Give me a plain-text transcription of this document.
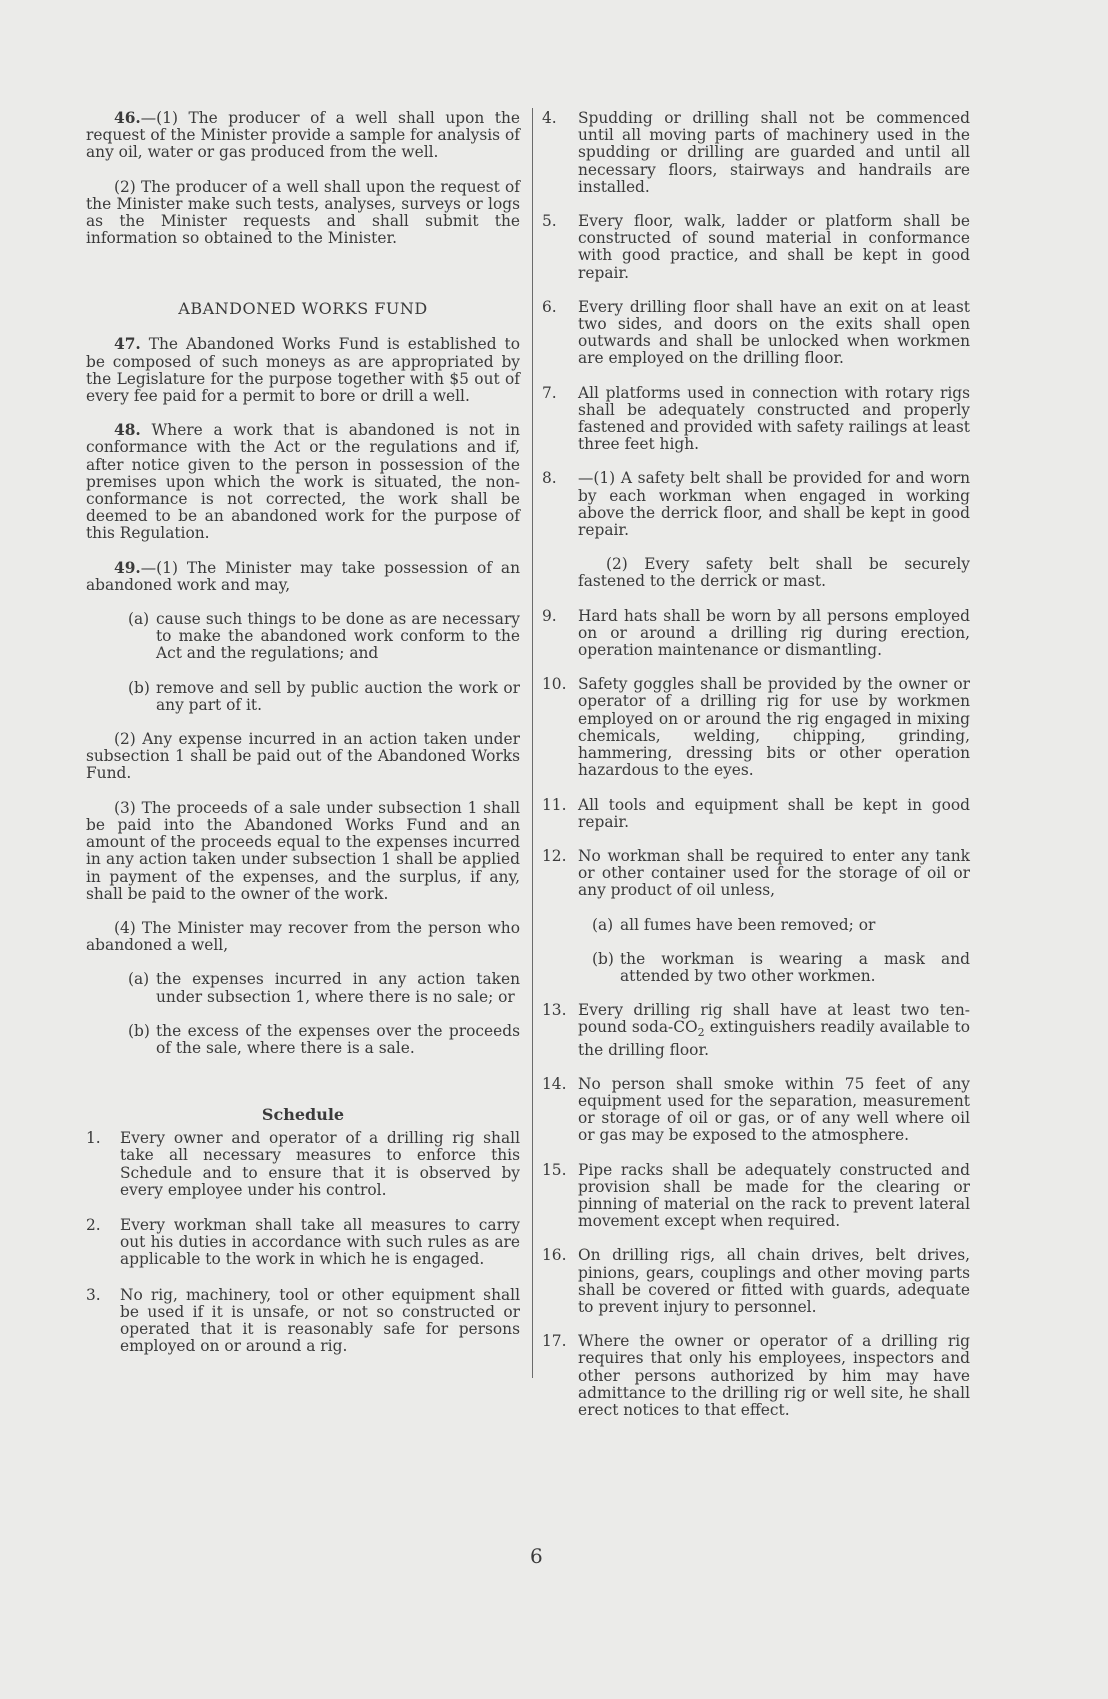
46.—(1) The producer of a well shall upon the request of the Minister provide a sample for analysis of any oil, water or gas produced from the well.

(2) The producer of a well shall upon the request of the Minister make such tests, analyses, surveys or logs as the Minister requests and shall submit the information so obtained to the Minister.

ABANDONED WORKS FUND

47. The Abandoned Works Fund is established to be composed of such moneys as are appropriated by the Legislature for the purpose together with $5 out of every fee paid for a permit to bore or drill a well.

48. Where a work that is abandoned is not in conformance with the Act or the regulations and if, after notice given to the person in possession of the premises upon which the work is situated, the non-conformance is not corrected, the work shall be deemed to be an abandoned work for the purpose of this Regulation.

49.—(1) The Minister may take possession of an abandoned work and may,

(a) cause such things to be done as are necessary to make the abandoned work conform to the Act and the regulations; and

(b) remove and sell by public auction the work or any part of it.

(2) Any expense incurred in an action taken under subsection 1 shall be paid out of the Abandoned Works Fund.

(3) The proceeds of a sale under subsection 1 shall be paid into the Abandoned Works Fund and an amount of the proceeds equal to the expenses incurred in any action taken under subsection 1 shall be applied in payment of the expenses, and the surplus, if any, shall be paid to the owner of the work.

(4) The Minister may recover from the person who abandoned a well,

(a) the expenses incurred in any action taken under subsection 1, where there is no sale; or

(b) the excess of the expenses over the proceeds of the sale, where there is a sale.

Schedule
1.	Every owner and operator of a drilling rig shall take all necessary measures to enforce this Schedule and to ensure that it is observed by every employee under his control.
2.	Every workman shall take all measures to carry out his duties in accordance with such rules as are applicable to the work in which he is engaged.
3.	No rig, machinery, tool or other equipment shall be used if it is unsafe, or not so constructed or operated that it is reasonably safe for persons employed on or around a rig.
4.	Spudding or drilling shall not be commenced until all moving parts of machinery used in the spudding or drilling are guarded and until all necessary floors, stairways and handrails are installed.
5.	Every floor, walk, ladder or platform shall be constructed of sound material in conformance with good practice, and shall be kept in good repair.
6.	Every drilling floor shall have an exit on at least two sides, and doors on the exits shall open outwards and shall be unlocked when workmen are employed on the drilling floor.
7.	All platforms used in connection with rotary rigs shall be adequately constructed and properly fastened and provided with safety railings at least three feet high.
8.	—(1) A safety belt shall be provided for and worn by each workman when engaged in working above the derrick floor, and shall be kept in good repair.

(2) Every safety belt shall be securely fastened to the derrick or mast.

9.	Hard hats shall be worn by all persons employed on or around a drilling rig during erection, operation maintenance or dismantling.
10. Safety goggles shall be provided by the owner or operator of a drilling rig for use by workmen employed on or around the rig engaged in mixing chemicals, welding, chipping, grinding, hammering, dressing bits or other operation hazardous to the eyes.
11. All tools and equipment shall be kept in good repair.
12. No workman shall be required to enter any tank or other container used for the storage of oil or any product of oil unless,

(a) all fumes have been removed; or

(b) the workman is wearing a mask and attended by two other workmen.

13. Every drilling rig shall have at least two ten-pound soda-$CO_2$ extinguishers readily available to the drilling floor.
14. No person shall smoke within 75 feet of any equipment used for the separation, measurement or storage of oil or gas, or of any well where oil or gas may be exposed to the atmosphere.
15. Pipe racks shall be adequately constructed and provision shall be made for the clearing or pinning of material on the rack to prevent lateral movement except when required.
16. On drilling rigs, all chain drives, belt drives, pinions, gears, couplings and other moving parts shall be covered or fitted with guards, adequate to prevent injury to personnel.
17. Where the owner or operator of a drilling rig requires that only his employees, inspectors and other persons authorized by him may have admittance to the drilling rig or well site, he shall erect notices to that effect.
6
